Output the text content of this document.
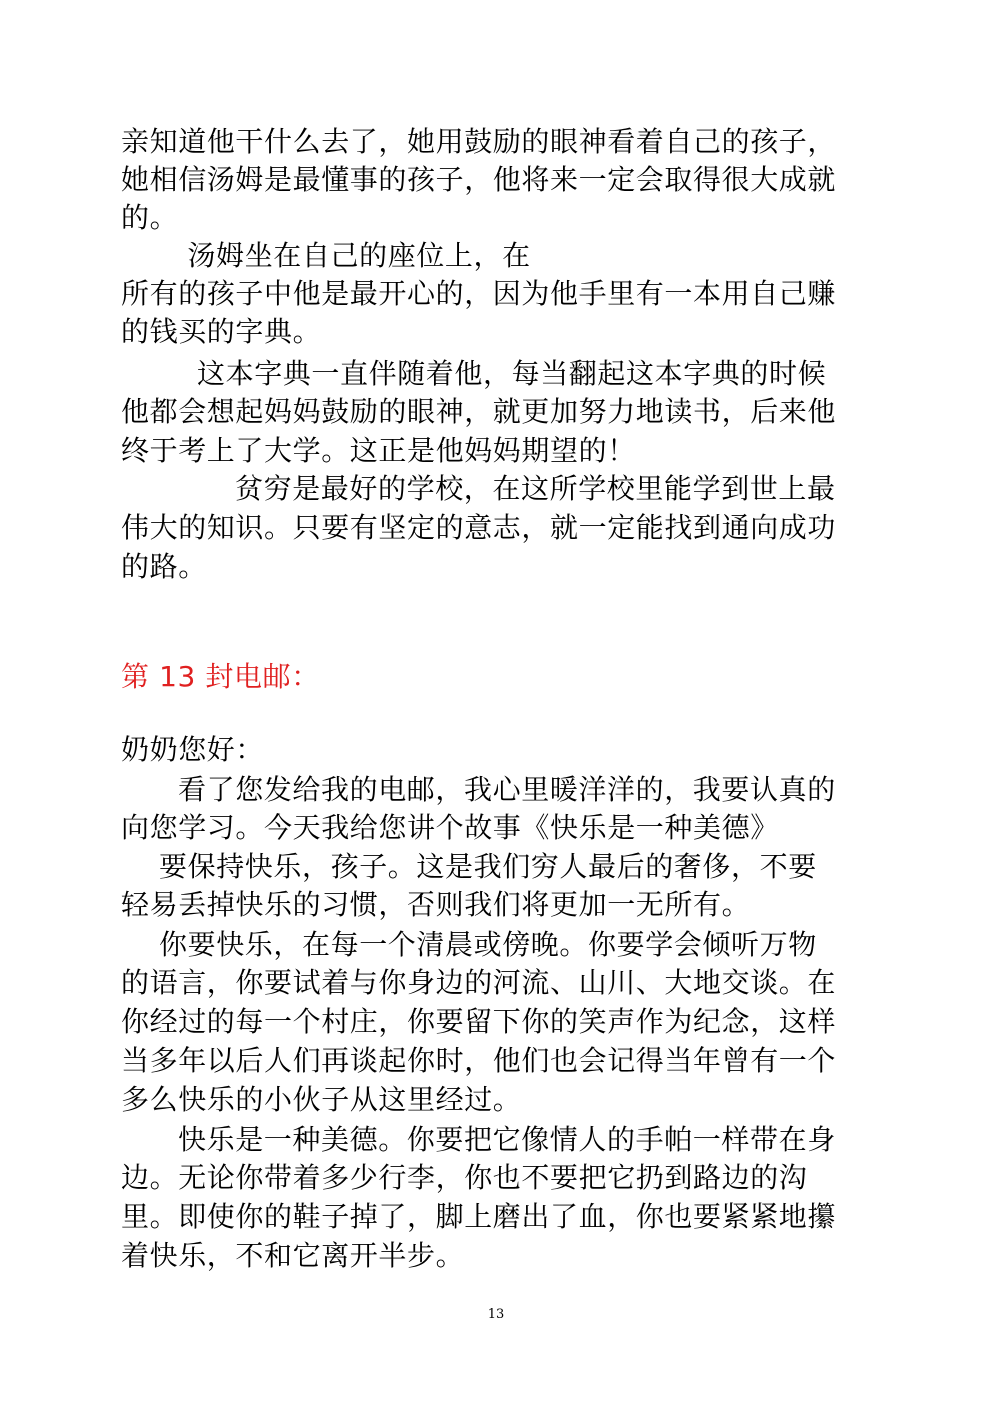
亲知道他干什么去了，她用鼓励的眼神看着自己的孩子，
她相信汤姆是最懂事的孩子，他将来一定会取得很大成就
的。
汤姆坐在自己的座位上，在
所有的孩子中他是最开心的，因为他手里有一本用自己赚
的钱买的字典。
这本字典一直伴随着他，每当翻起这本字典的时候
他都会想起妈妈鼓励的眼神，就更加努力地读书，后来他
终于考上了大学。这正是他妈妈期望的！
贫穷是最好的学校，在这所学校里能学到世上最
伟大的知识。只要有坚定的意志，就一定能找到通向成功
的路。
第 13 封电邮：
奶奶您好：
看了您发给我的电邮，我心里暖洋洋的，我要认真的
向您学习。今天我给您讲个故事《快乐是一种美德》
要保持快乐，孩子。这是我们穷人最后的奢侈，不要
轻易丢掉快乐的习惯，否则我们将更加一无所有。
你要快乐，在每一个清晨或傍晚。你要学会倾听万物
的语言，你要试着与你身边的河流、山川、大地交谈。在
你经过的每一个村庄，你要留下你的笑声作为纪念，这样
当多年以后人们再谈起你时，他们也会记得当年曾有一个
多么快乐的小伙子从这里经过。
快乐是一种美德。你要把它像情人的手帕一样带在身
边。无论你带着多少行李，你也不要把它扔到路边的沟
里。即使你的鞋子掉了，脚上磨出了血，你也要紧紧地攥
着快乐，不和它离开半步。
13
